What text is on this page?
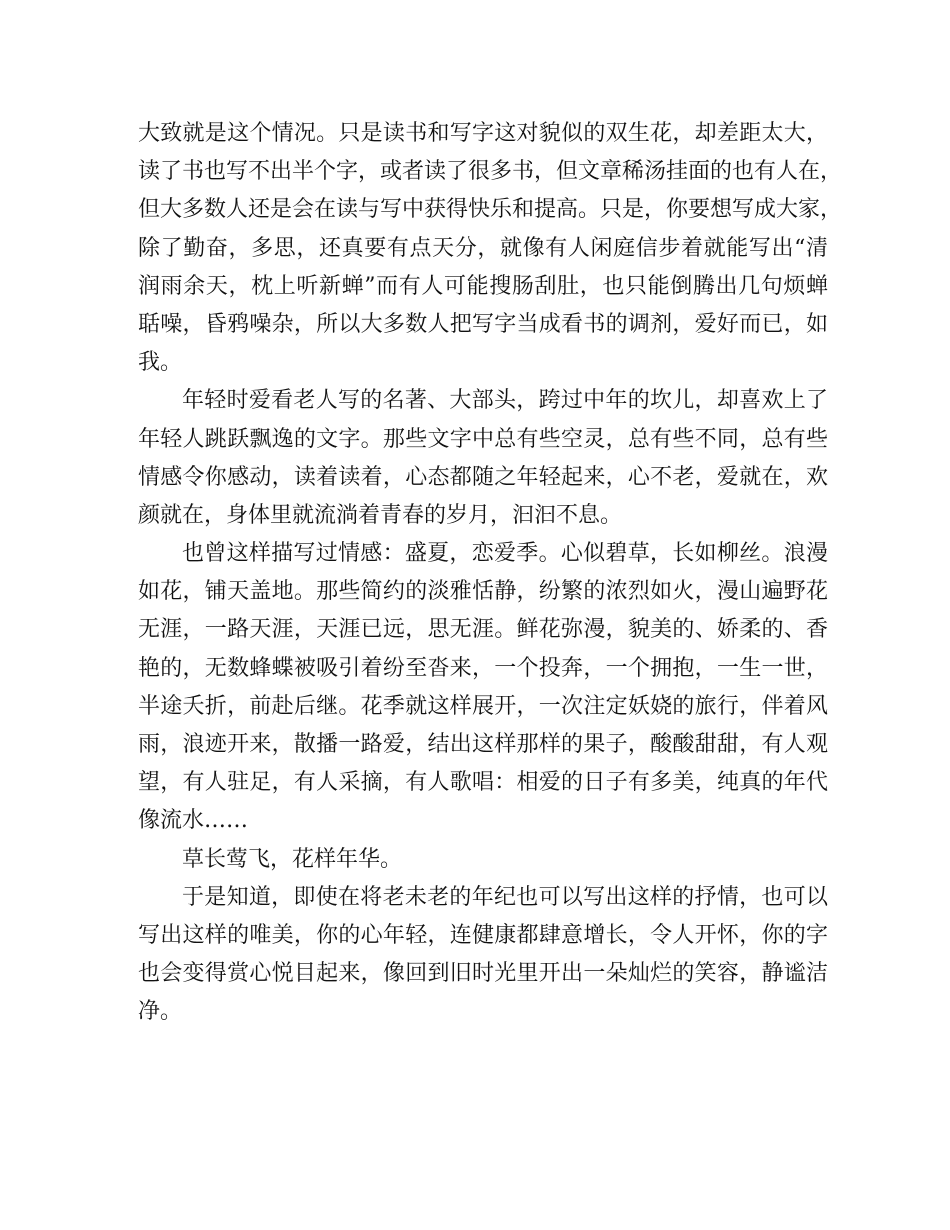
大致就是这个情况。只是读书和写字这对貌似的双生花，却差距太大，
读了书也写不出半个字，或者读了很多书，但文章稀汤挂面的也有人在，
但大多数人还是会在读与写中获得快乐和提高。只是，你要想写成大家，
除了勤奋，多思，还真要有点天分，就像有人闲庭信步着就能写出“清
润雨余天，枕上听新蝉”而有人可能搜肠刮肚，也只能倒腾出几句烦蝉
聒噪，昏鸦噪杂，所以大多数人把写字当成看书的调剂，爱好而已，如
我。
年轻时爱看老人写的名著、大部头，跨过中年的坎儿，却喜欢上了
年轻人跳跃飘逸的文字。那些文字中总有些空灵，总有些不同，总有些
情感令你感动，读着读着，心态都随之年轻起来，心不老，爱就在，欢
颜就在，身体里就流淌着青春的岁月，汩汩不息。
也曾这样描写过情感：盛夏，恋爱季。心似碧草，长如柳丝。浪漫
如花，铺天盖地。那些简约的淡雅恬静，纷繁的浓烈如火，漫山遍野花
无涯，一路天涯，天涯已远，思无涯。鲜花弥漫，貌美的、娇柔的、香
艳的，无数蜂蝶被吸引着纷至沓来，一个投奔，一个拥抱，一生一世，
半途夭折，前赴后继。花季就这样展开，一次注定妖娆的旅行，伴着风
雨，浪迹开来，散播一路爱，结出这样那样的果子，酸酸甜甜，有人观
望，有人驻足，有人采摘，有人歌唱：相爱的日子有多美，纯真的年代
像流水……
草长莺飞，花样年华。
于是知道，即使在将老未老的年纪也可以写出这样的抒情，也可以
写出这样的唯美，你的心年轻，连健康都肆意增长，令人开怀，你的字
也会变得赏心悦目起来，像回到旧时光里开出一朵灿烂的笑容，静谧洁
净。
